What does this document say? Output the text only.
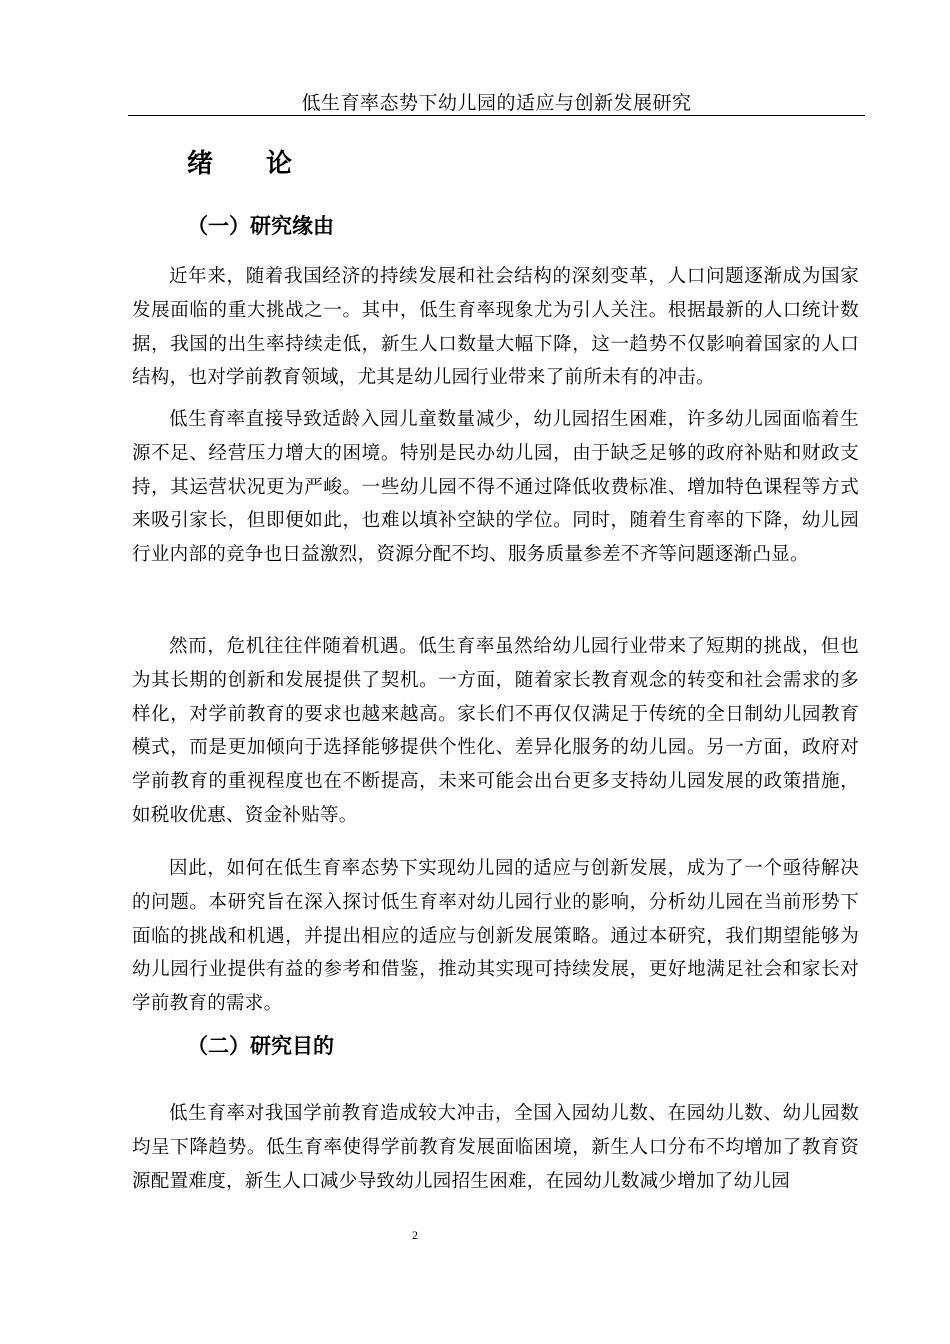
低生育率态势下幼儿园的适应与创新发展研究
绪 论
（一）研究缘由

近年来，随着我国经济的持续发展和社会结构的深刻变革，人口问题逐渐成为国家发展面临的重大挑战之一。其中，低生育率现象尤为引人关注。根据最新的人口统计数据，我国的出生率持续走低，新生人口数量大幅下降，这一趋势不仅影响着国家的人口结构，也对学前教育领域，尤其是幼儿园行业带来了前所未有的冲击。

低生育率直接导致适龄入园儿童数量减少，幼儿园招生困难，许多幼儿园面临着生源不足、经营压力增大的困境。特别是民办幼儿园，由于缺乏足够的政府补贴和财政支持，其运营状况更为严峻。一些幼儿园不得不通过降低收费标准、增加特色课程等方式来吸引家长，但即便如此，也难以填补空缺的学位。同时，随着生育率的下降，幼儿园行业内部的竞争也日益激烈，资源分配不均、服务质量参差不齐等问题逐渐凸显。

然而，危机往往伴随着机遇。低生育率虽然给幼儿园行业带来了短期的挑战，但也为其长期的创新和发展提供了契机。一方面，随着家长教育观念的转变和社会需求的多样化，对学前教育的要求也越来越高。家长们不再仅仅满足于传统的全日制幼儿园教育模式，而是更加倾向于选择能够提供个性化、差异化服务的幼儿园。另一方面，政府对学前教育的重视程度也在不断提高，未来可能会出台更多支持幼儿园发展的政策措施，如税收优惠、资金补贴等。

因此，如何在低生育率态势下实现幼儿园的适应与创新发展，成为了一个亟待解决的问题。本研究旨在深入探讨低生育率对幼儿园行业的影响，分析幼儿园在当前形势下面临的挑战和机遇，并提出相应的适应与创新发展策略。通过本研究，我们期望能够为幼儿园行业提供有益的参考和借鉴，推动其实现可持续发展，更好地满足社会和家长对学前教育的需求。

（二）研究目的

低生育率对我国学前教育造成较大冲击，全国入园幼儿数、在园幼儿数、幼儿园数均呈下降趋势。低生育率使得学前教育发展面临困境，新生人口分布不均增加了教育资源配置难度，新生人口减少导致幼儿园招生困难，在园幼儿数减少增加了幼儿园

2
